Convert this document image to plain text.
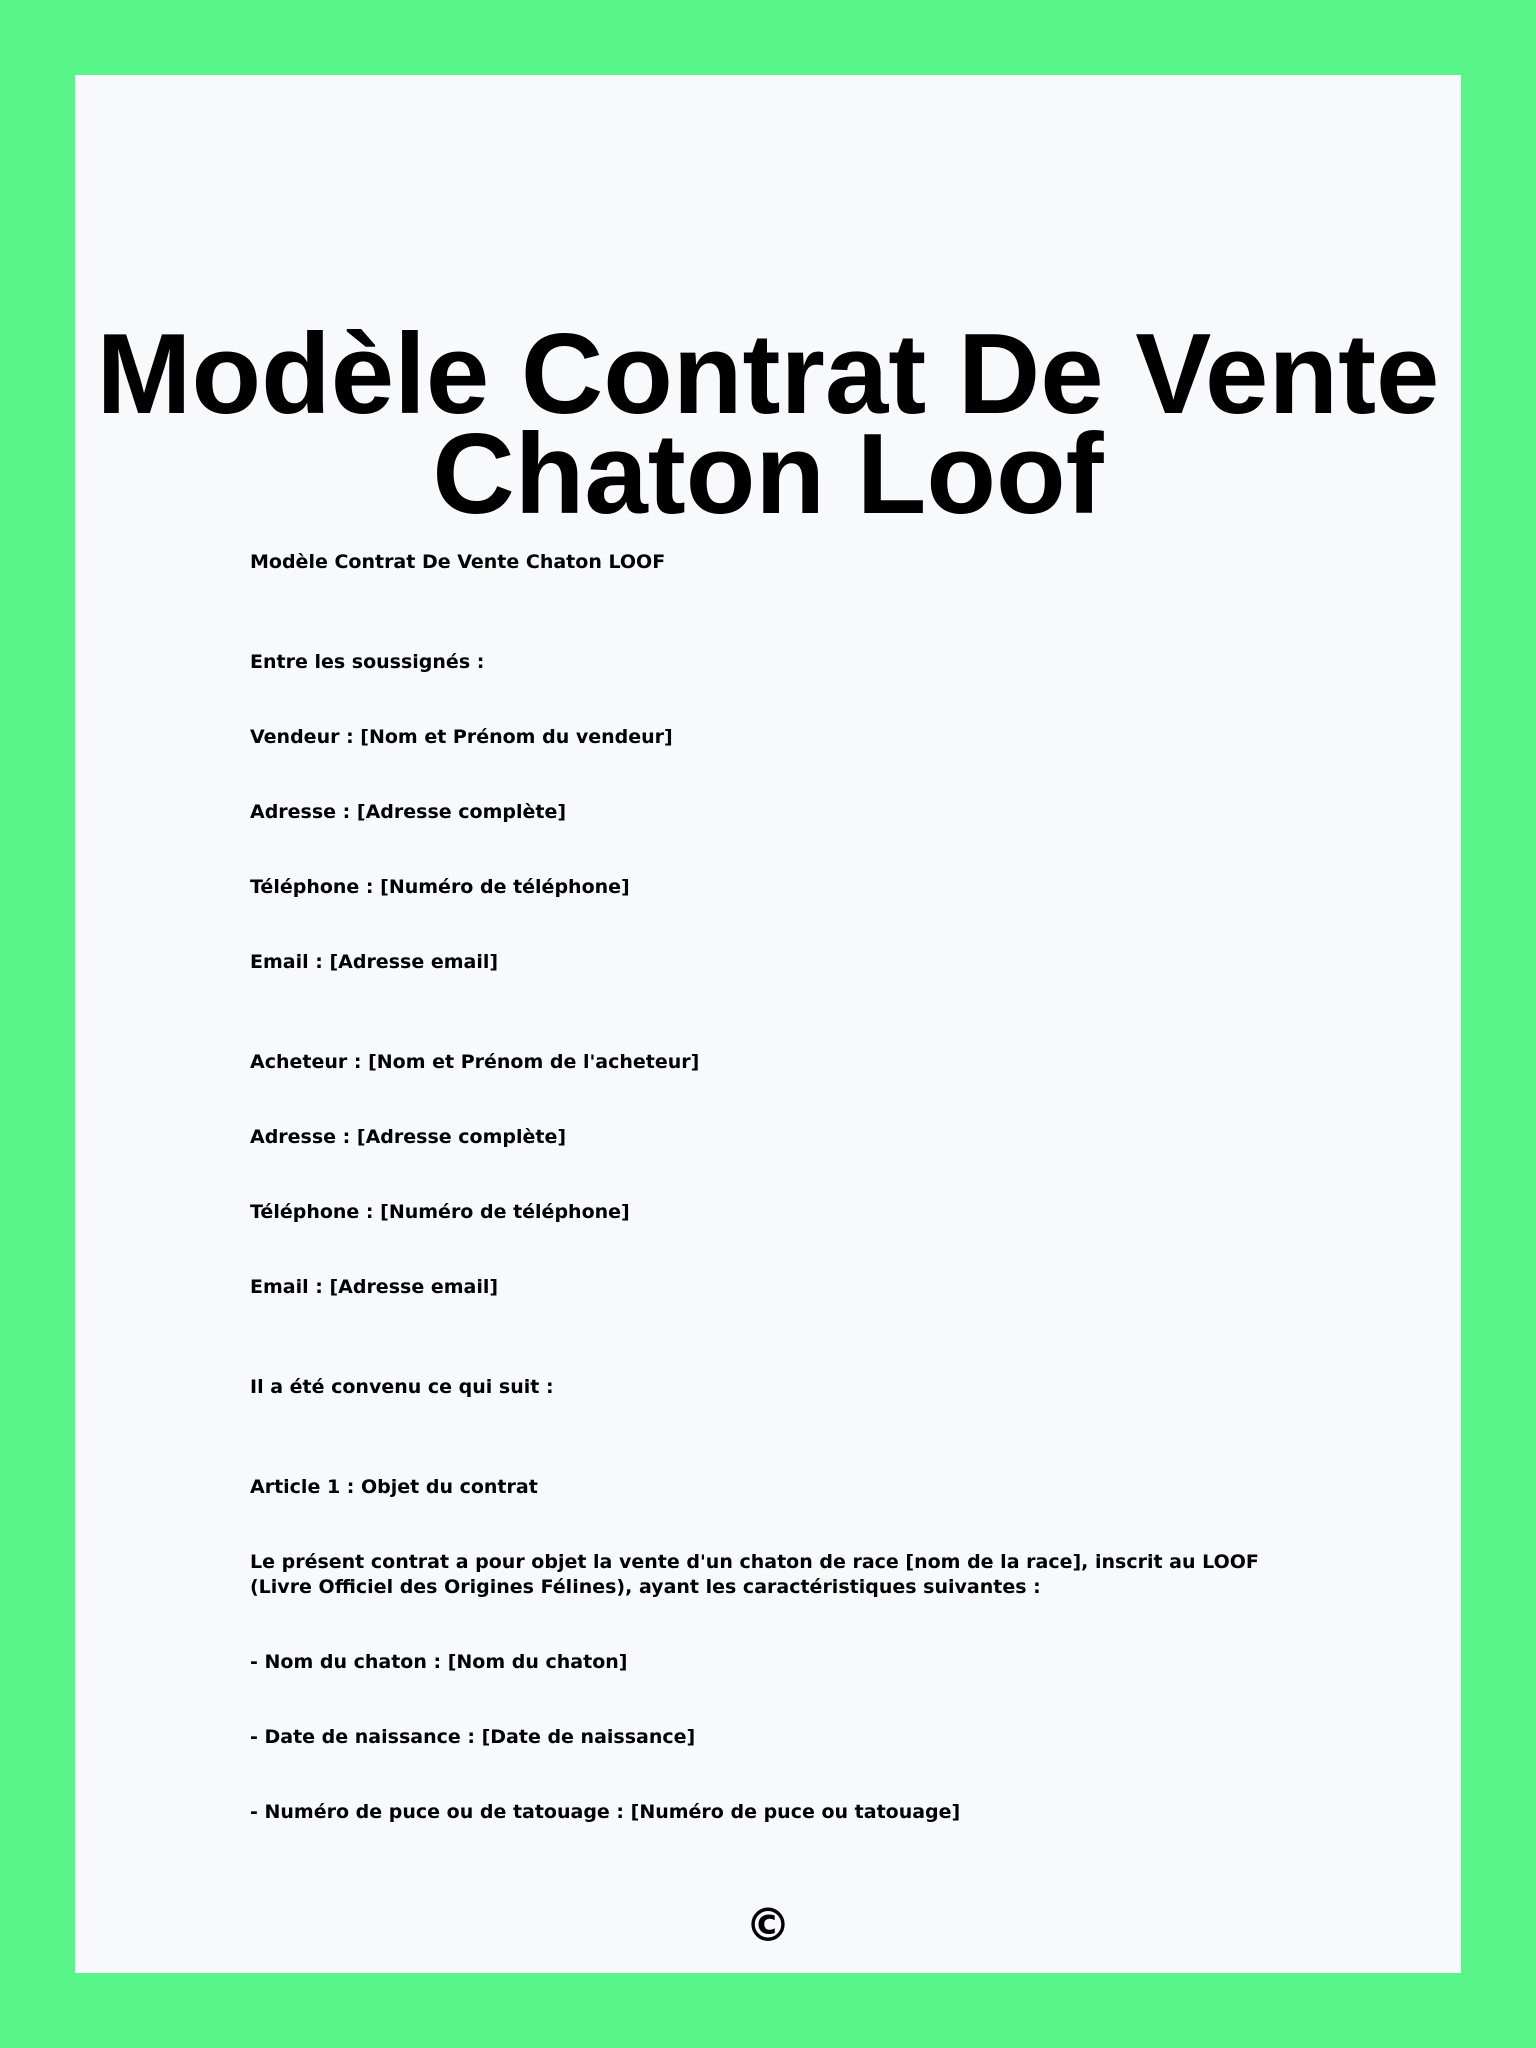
Modèle Contrat De Vente
Chaton Loof

Modèle Contrat De Vente Chaton LOOF

Entre les soussignés :

Vendeur : [Nom et Prénom du vendeur]

Adresse : [Adresse complète]

Téléphone : [Numéro de téléphone]

Email : [Adresse email]

Acheteur : [Nom et Prénom de l'acheteur]

Adresse : [Adresse complète]

Téléphone : [Numéro de téléphone]

Email : [Adresse email]

Il a été convenu ce qui suit :

Article 1 : Objet du contrat

Le présent contrat a pour objet la vente d'un chaton de race [nom de la race], inscrit au LOOF (Livre Officiel des Origines Félines), ayant les caractéristiques suivantes :

- Nom du chaton : [Nom du chaton]

- Date de naissance : [Date de naissance]

- Numéro de puce ou de tatouage : [Numéro de puce ou tatouage]

©
